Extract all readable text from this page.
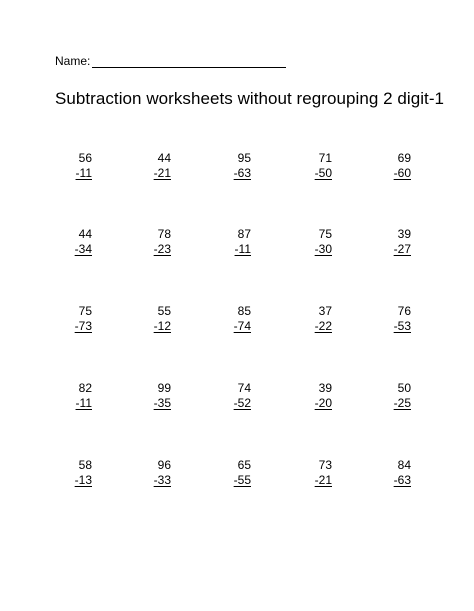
Name:
Subtraction worksheets without regrouping 2 digit-1
56
-11
44
-21
95
-63
71
-50
69
-60
44
-34
78
-23
87
-11
75
-30
39
-27
75
-73
55
-12
85
-74
37
-22
76
-53
82
-11
99
-35
74
-52
39
-20
50
-25
58
-13
96
-33
65
-55
73
-21
84
-63
